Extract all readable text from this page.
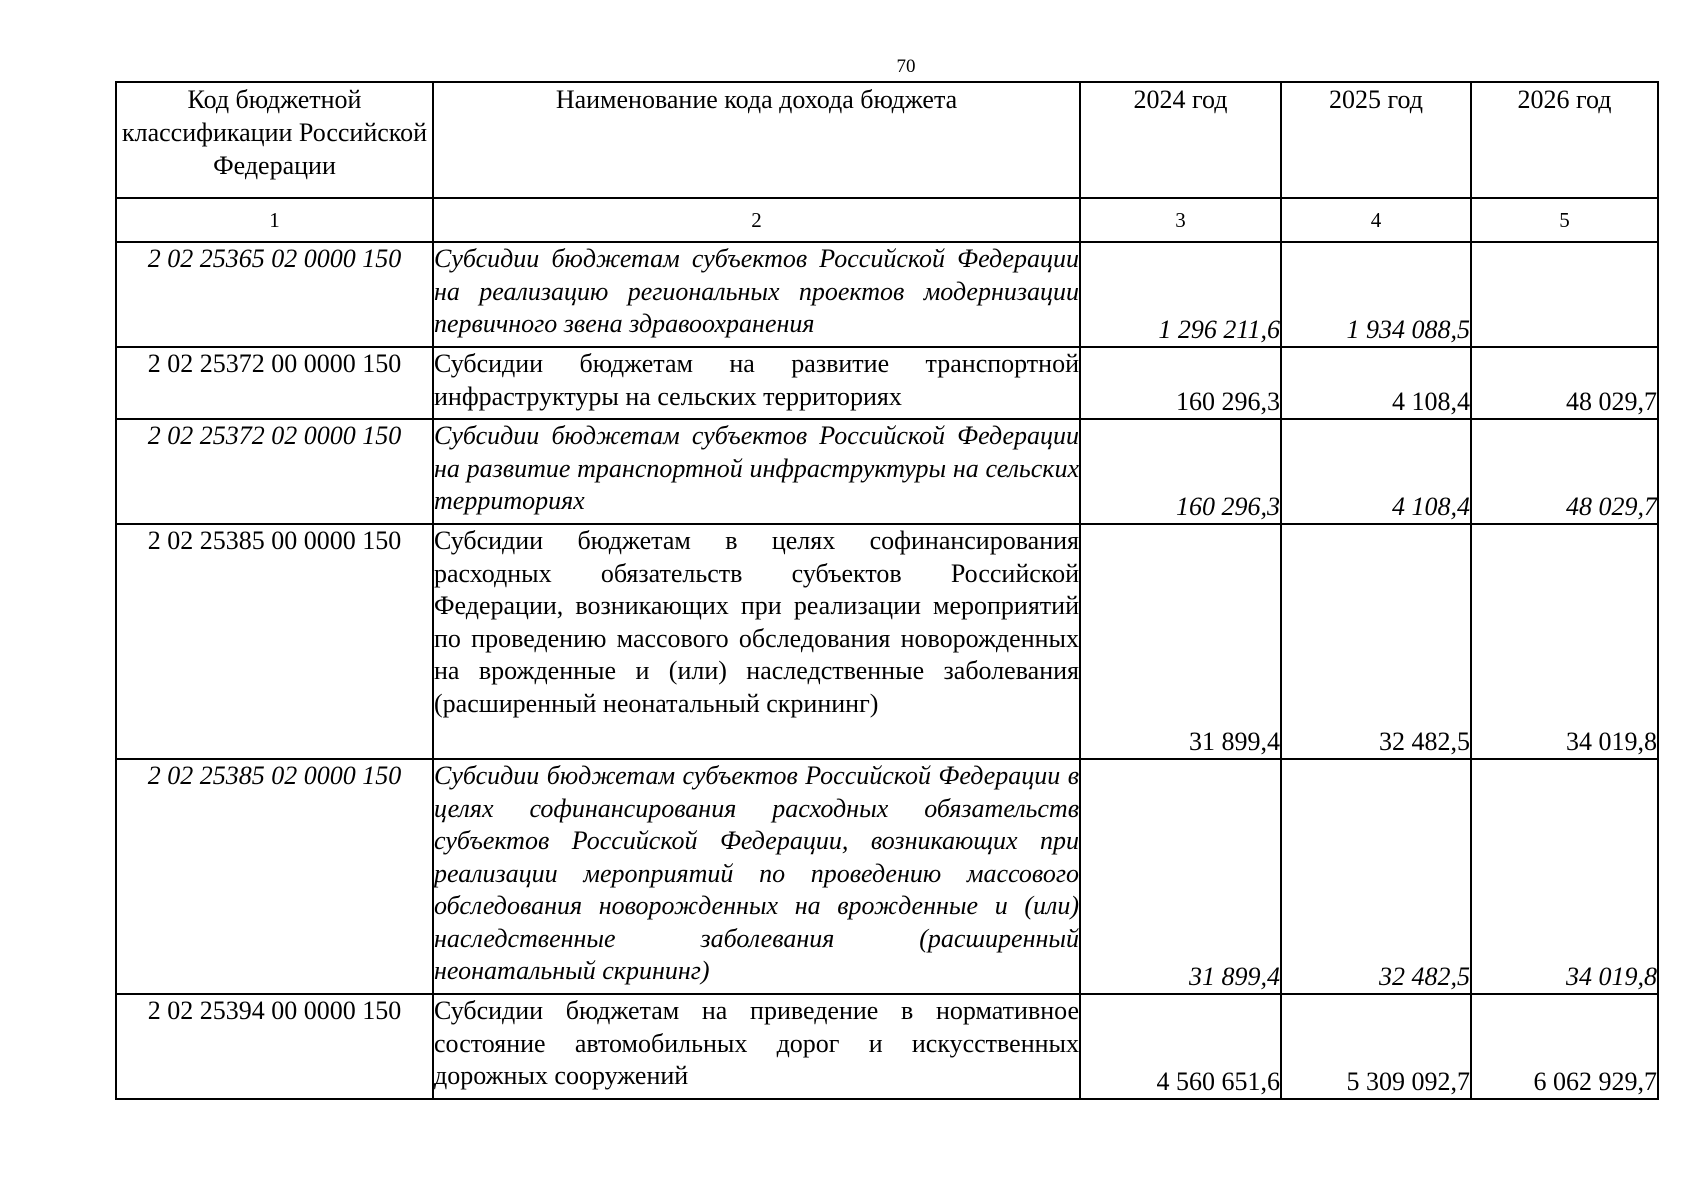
70
Код бюджетной классификации Российской Федерации	Наименование кода дохода бюджета	2024 год	2025 год	2026 год
1	2	3	4	5
2 02 25365 02 0000 150	Субсидии бюджетам субъектов Российской Федерации на реализацию региональных проектов модернизации первичного звена здравоохранения	1 296 211,6	1 934 088,5	
2 02 25372 00 0000 150	Субсидии бюджетам на развитие транспортной инфраструктуры на сельских территориях	160 296,3	4 108,4	48 029,7
2 02 25372 02 0000 150	Субсидии бюджетам субъектов Российской Федерации на развитие транспортной инфраструктуры на сельских территориях	160 296,3	4 108,4	48 029,7
2 02 25385 00 0000 150	Субсидии бюджетам в целях софинансирования расходных обязательств субъектов Российской Федерации, возникающих при реализации мероприятий по проведению массового обследования новорожденных на врожденные и (или) наследственные заболевания (расширенный неонатальный скрининг)	31 899,4	32 482,5	34 019,8
2 02 25385 02 0000 150	Субсидии бюджетам субъектов Российской Федерации в целях софинансирования расходных обязательств субъектов Российской Федерации, возникающих при реализации мероприятий по проведению массового обследования новорожденных на врожденные и (или) наследственные заболевания (расширенный неонатальный скрининг)	31 899,4	32 482,5	34 019,8
2 02 25394 00 0000 150	Субсидии бюджетам на приведение в нормативное состояние автомобильных дорог и искусственных дорожных сооружений	4 560 651,6	5 309 092,7	6 062 929,7
